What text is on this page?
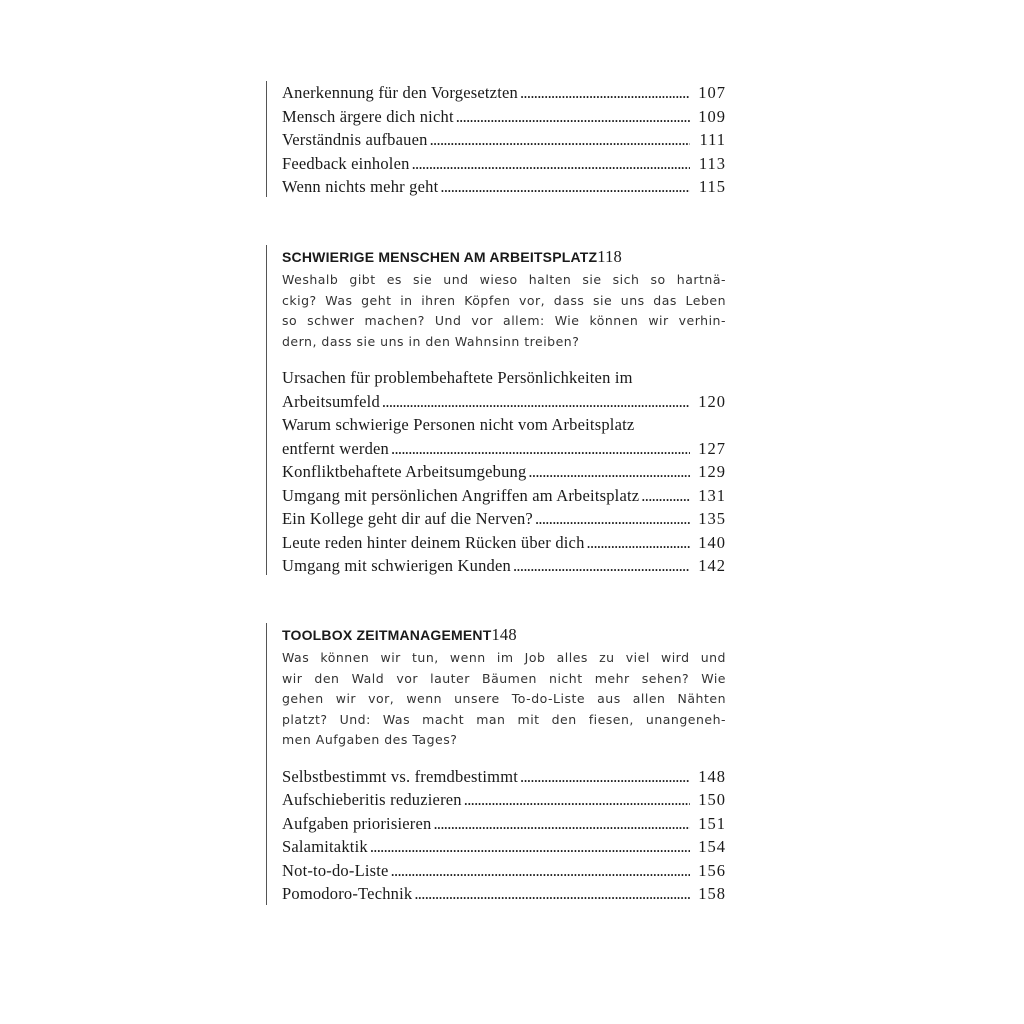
Anerkennung für den Vorgesetzten . . .	107
Mensch ärgere dich nicht . . .	109
Verständnis aufbauen . . .	111
Feedback einholen . . .	113
Wenn nichts mehr geht . . .	115
SCHWIERIGE MENSCHEN AM ARBEITSPLATZ 118
Weshalb gibt es sie und wieso halten sie sich so hartnä-
ckig? Was geht in ihren Köpfen vor, dass sie uns das Leben
so schwer machen? Und vor allem: Wie können wir verhin-
dern, dass sie uns in den Wahnsinn treiben?
Ursachen für problembehaftete Persönlichkeiten im
Arbeitsumfeld . . .	120
Warum schwierige Personen nicht vom Arbeitsplatz
entfernt werden . . .	127
Konfliktbehaftete Arbeitsumgebung . . .	129
Umgang mit persönlichen Angriffen am Arbeitsplatz . . .	131
Ein Kollege geht dir auf die Nerven? . . .	135
Leute reden hinter deinem Rücken über dich . . .	140
Umgang mit schwierigen Kunden . . .	142
TOOLBOX ZEITMANAGEMENT 148
Was können wir tun, wenn im Job alles zu viel wird und
wir den Wald vor lauter Bäumen nicht mehr sehen? Wie
gehen wir vor, wenn unsere To-do-Liste aus allen Nähten
platzt? Und: Was macht man mit den fiesen, unangeneh-
men Aufgaben des Tages?
Selbstbestimmt vs. fremdbestimmt . . .	148
Aufschieberitis reduzieren . . .	150
Aufgaben priorisieren . . .	151
Salamitaktik . . .	154
Not-to-do-Liste . . .	156
Pomodoro-Technik . . .	158
